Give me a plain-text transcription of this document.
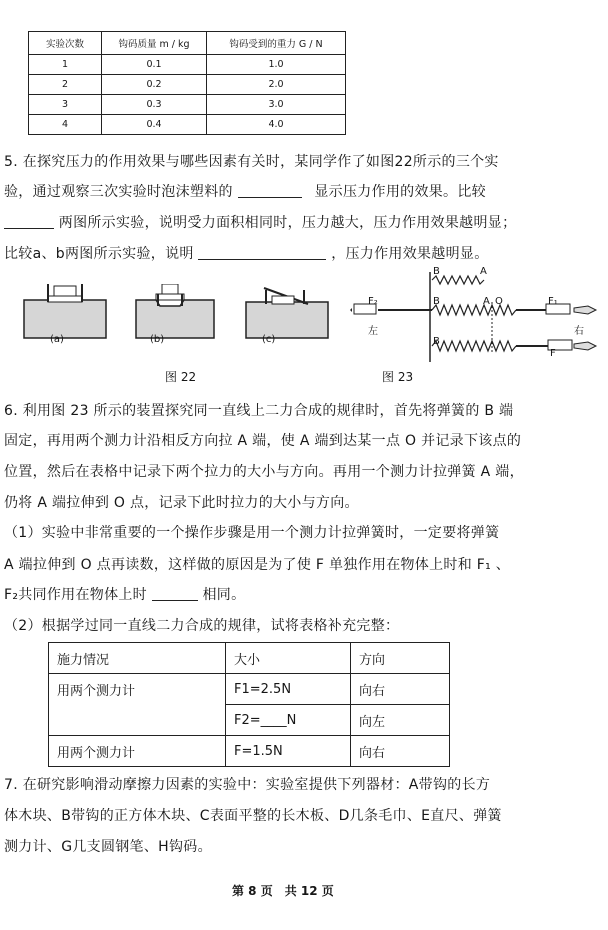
实验次数	钩码质量 m / kg	钩码受到的重力 G / N
1	0.1	1.0
2	0.2	2.0
3	0.3	3.0
4	0.4	4.0
5. 在探究压力的作用效果与哪些因素有关时，某同学作了如图22所示的三个实
验，通过观察三次实验时泡沫塑料的	显示压力作用的效果。比较
两图所示实验，说明受力面积相同时，压力越大，压力作用效果越明显；
比较a、b两图所示实验，说明	，压力作用效果越明显。
(a)	(b)	(c)
图 22
B	A
B	A O
F₂	F₁
左	右
B
F
图 23
6. 利用图 23 所示的装置探究同一直线上二力合成的规律时，首先将弹簧的 B 端
固定，再用两个测力计沿相反方向拉 A 端，使 A 端到达某一点 O 并记录下该点的
位置，然后在表格中记录下两个拉力的大小与方向。再用一个测力计拉弹簧 A 端，
仍将 A 端拉伸到 O 点，记录下此时拉力的大小与方向。
（1）实验中非常重要的一个操作步骤是用一个测力计拉弹簧时，一定要将弹簧
A 端拉伸到 O 点再读数，这样做的原因是为了使 F 单独作用在物体上时和 F₁ 、
F₂共同作用在物体上时	相同。
（2）根据学过同一直线二力合成的规律，试将表格补充完整：
施力情况	大小	方向
用两个测力计	F1=2.5N	向右
	F2=____N	向左
用两个测力计	F=1.5N	向右
7. 在研究影响滑动摩擦力因素的实验中：实验室提供下列器材：A带钩的长方
体木块、B带钩的正方体木块、C表面平整的长木板、D几条毛巾、E直尺、弹簧
测力计、G几支圆钢笔、H钩码。
第 8 页　共 12 页
